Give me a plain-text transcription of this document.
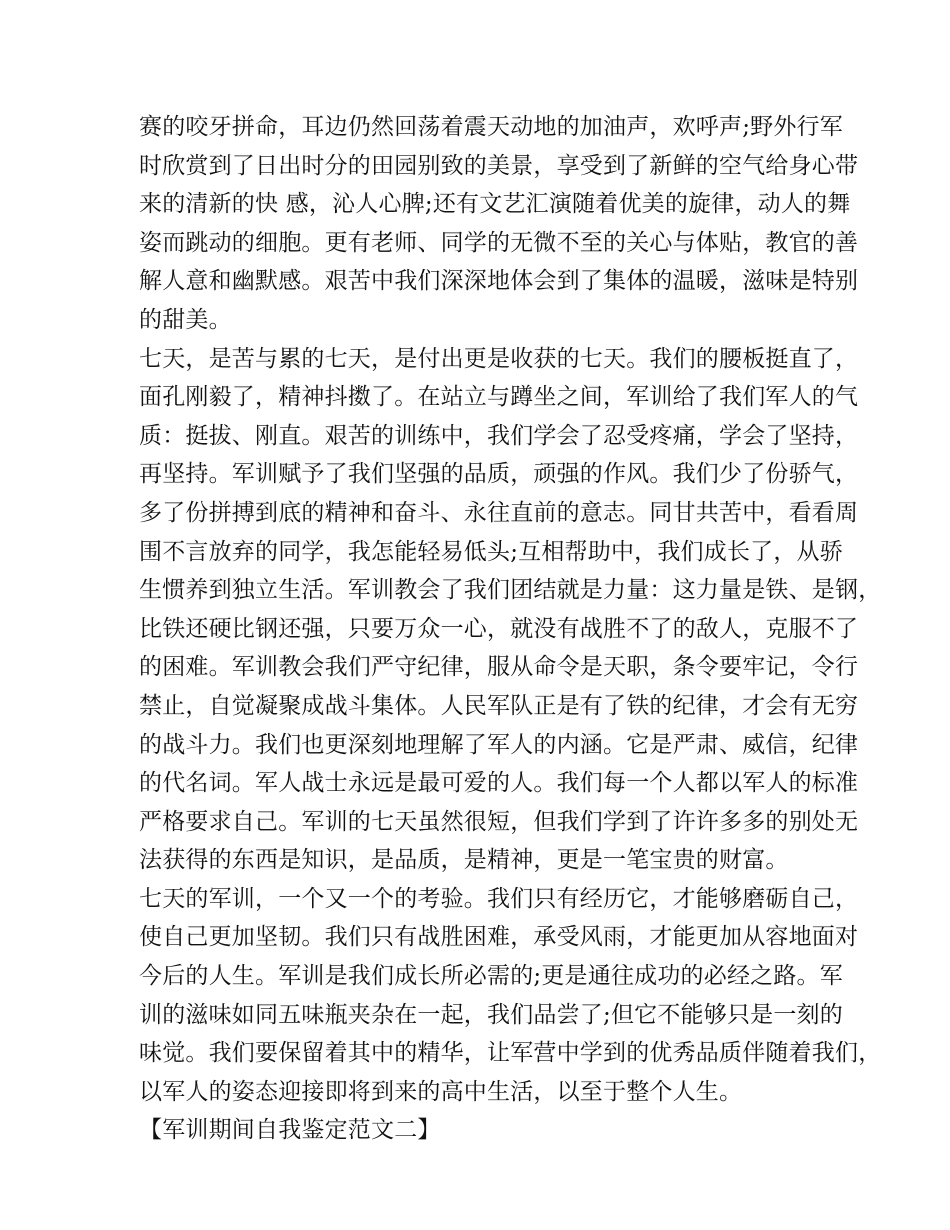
赛的咬牙拼命，耳边仍然回荡着震天动地的加油声，欢呼声;野外行军
时欣赏到了日出时分的田园别致的美景，享受到了新鲜的空气给身心带
来的清新的快 感，沁人心脾;还有文艺汇演随着优美的旋律，动人的舞
姿而跳动的细胞。更有老师、同学的无微不至的关心与体贴，教官的善
解人意和幽默感。艰苦中我们深深地体会到了集体的温暖，滋味是特别
的甜美。
七天，是苦与累的七天，是付出更是收获的七天。我们的腰板挺直了，
面孔刚毅了，精神抖擞了。在站立与蹲坐之间，军训给了我们军人的气
质：挺拔、刚直。艰苦的训练中，我们学会了忍受疼痛，学会了坚持，
再坚持。军训赋予了我们坚强的品质，顽强的作风。我们少了份骄气，
多了份拼搏到底的精神和奋斗、永往直前的意志。同甘共苦中，看看周
围不言放弃的同学，我怎能轻易低头;互相帮助中，我们成长了，从骄
生惯养到独立生活。军训教会了我们团结就是力量：这力量是铁、是钢，
比铁还硬比钢还强，只要万众一心，就没有战胜不了的敌人，克服不了
的困难。军训教会我们严守纪律，服从命令是天职，条令要牢记，令行
禁止，自觉凝聚成战斗集体。人民军队正是有了铁的纪律，才会有无穷
的战斗力。我们也更深刻地理解了军人的内涵。它是严肃、威信，纪律
的代名词。军人战士永远是最可爱的人。我们每一个人都以军人的标准
严格要求自己。军训的七天虽然很短，但我们学到了许许多多的别处无
法获得的东西是知识，是品质，是精神，更是一笔宝贵的财富。
七天的军训，一个又一个的考验。我们只有经历它，才能够磨砺自己，
使自己更加坚韧。我们只有战胜困难，承受风雨，才能更加从容地面对
今后的人生。军训是我们成长所必需的;更是通往成功的必经之路。军
训的滋味如同五味瓶夹杂在一起，我们品尝了;但它不能够只是一刻的
味觉。我们要保留着其中的精华，让军营中学到的优秀品质伴随着我们，
以军人的姿态迎接即将到来的高中生活，以至于整个人生。
【军训期间自我鉴定范文二】
